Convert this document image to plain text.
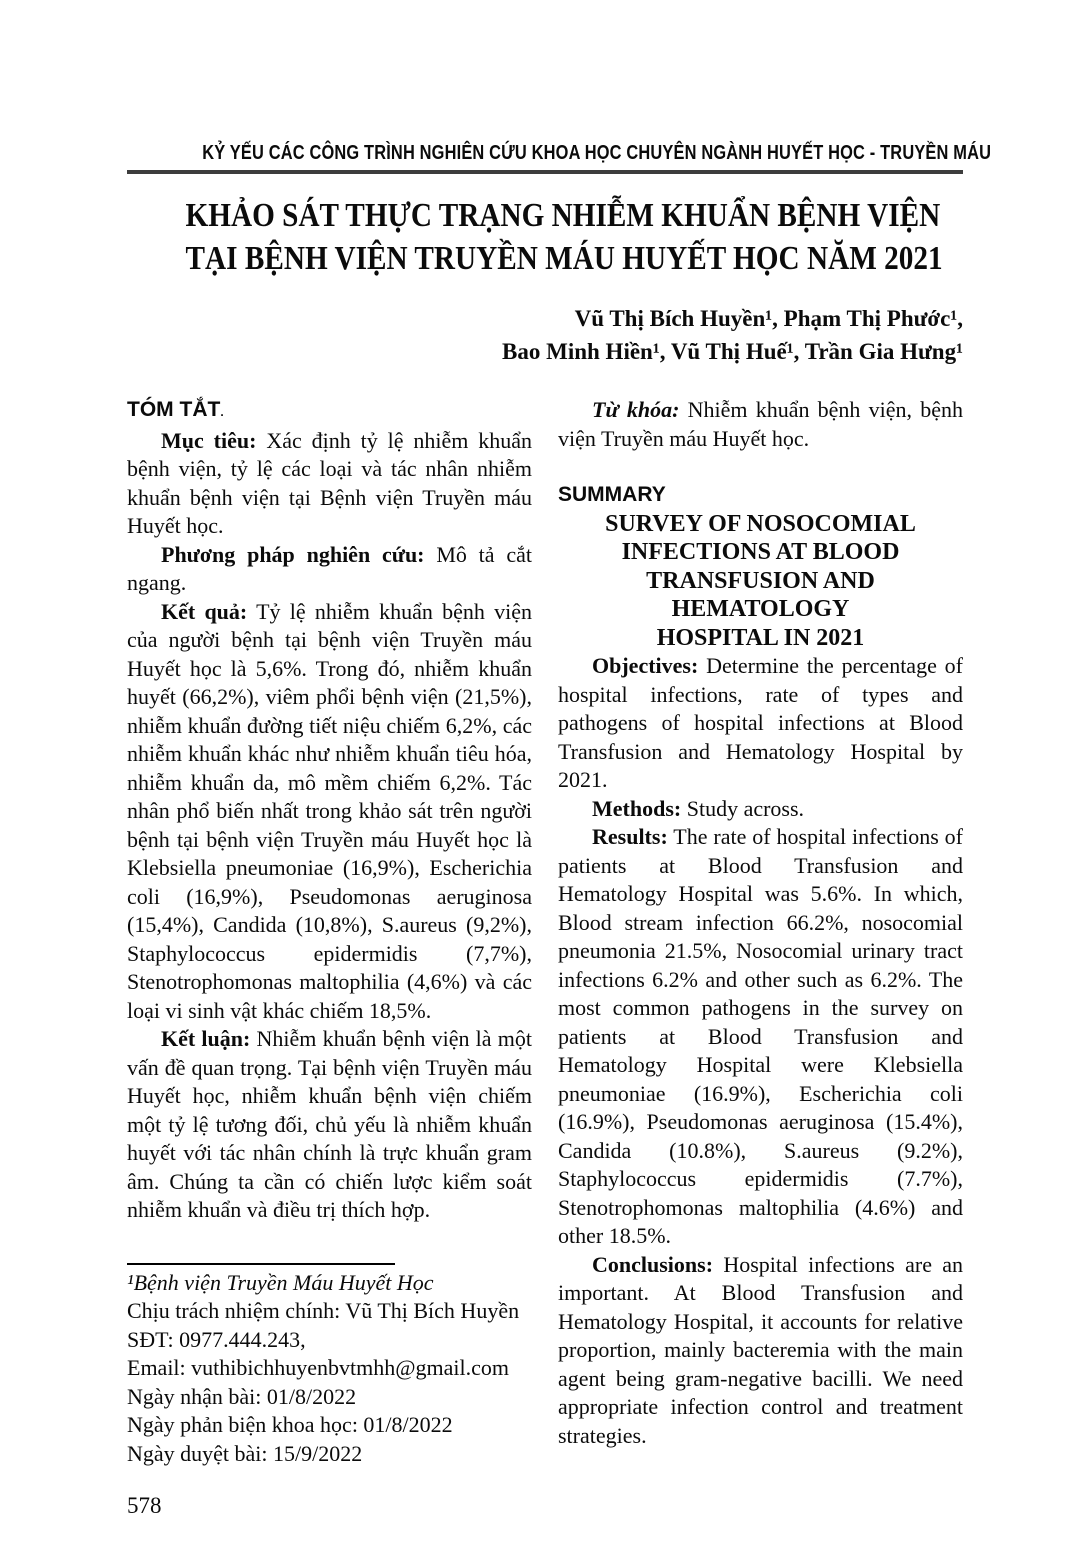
KỶ YẾU CÁC CÔNG TRÌNH NGHIÊN CỨU KHOA HỌC CHUYÊN NGÀNH HUYẾT HỌC - TRUYỀN MÁU
KHẢO SÁT THỰC TRẠNG NHIỄM KHUẨN BỆNH VIỆN
TẠI BỆNH VIỆN TRUYỀN MÁU HUYẾT HỌC NĂM 2021
Vũ Thị Bích Huyền¹, Phạm Thị Phước¹,
Bao Minh Hiền¹, Vũ Thị Huế¹, Trần Gia Hưng¹
TÓM TẮT.

Mục tiêu: Xác định tỷ lệ nhiễm khuẩn bệnh viện, tỷ lệ các loại và tác nhân nhiễm khuẩn bệnh viện tại Bệnh viện Truyền máu Huyết học.

Phương pháp nghiên cứu: Mô tả cắt ngang.

Kết quả: Tỷ lệ nhiễm khuẩn bệnh viện của người bệnh tại bệnh viện Truyền máu Huyết học là 5,6%. Trong đó, nhiễm khuẩn huyết (66,2%), viêm phổi bệnh viện (21,5%), nhiễm khuẩn đường tiết niệu chiếm 6,2%, các nhiễm khuẩn khác như nhiễm khuẩn tiêu hóa, nhiễm khuẩn da, mô mềm chiếm 6,2%. Tác nhân phổ biến nhất trong khảo sát trên người bệnh tại bệnh viện Truyền máu Huyết học là Klebsiella pneumoniae (16,9%), Escherichia coli (16,9%), Pseudomonas aeruginosa (15,4%), Candida (10,8%), S.aureus (9,2%), Staphylococcus epidermidis (7,7%), Stenotrophomonas maltophilia (4,6%) và các loại vi sinh vật khác chiếm 18,5%.

Kết luận: Nhiễm khuẩn bệnh viện là một vấn đề quan trọng. Tại bệnh viện Truyền máu Huyết học, nhiễm khuẩn bệnh viện chiếm một tỷ lệ tương đối, chủ yếu là nhiễm khuẩn huyết với tác nhân chính là trực khuẩn gram âm. Chúng ta cần có chiến lược kiểm soát nhiễm khuẩn và điều trị thích hợp.

¹Bệnh viện Truyền Máu Huyết Học
Chịu trách nhiệm chính: Vũ Thị Bích Huyền
SĐT: 0977.444.243,
Email: vuthibichhuyenbvtmhh@gmail.com
Ngày nhận bài: 01/8/2022
Ngày phản biện khoa học: 01/8/2022
Ngày duyệt bài: 15/9/2022
578

Từ khóa: Nhiễm khuẩn bệnh viện, bệnh viện Truyền máu Huyết học.

SUMMARY
SURVEY OF NOSOCOMIAL
INFECTIONS AT BLOOD
TRANSFUSION AND HEMATOLOGY
HOSPITAL IN 2021

Objectives: Determine the percentage of hospital infections, rate of types and pathogens of hospital infections at Blood Transfusion and Hematology Hospital by 2021.

Methods: Study across.

Results: The rate of hospital infections of patients at Blood Transfusion and Hematology Hospital was 5.6%. In which, Blood stream infection 66.2%, nosocomial pneumonia 21.5%, Nosocomial urinary tract infections 6.2% and other such as 6.2%. The most common pathogens in the survey on patients at Blood Transfusion and Hematology Hospital were Klebsiella pneumoniae (16.9%), Escherichia coli (16.9%), Pseudomonas aeruginosa (15.4%), Candida (10.8%), S.aureus (9.2%), Staphylococcus epidermidis (7.7%), Stenotrophomonas maltophilia (4.6%) and other 18.5%.

Conclusions: Hospital infections are an important. At Blood Transfusion and Hematology Hospital, it accounts for relative proportion, mainly bacteremia with the main agent being gram-negative bacilli. We need appropriate infection control and treatment strategies.
